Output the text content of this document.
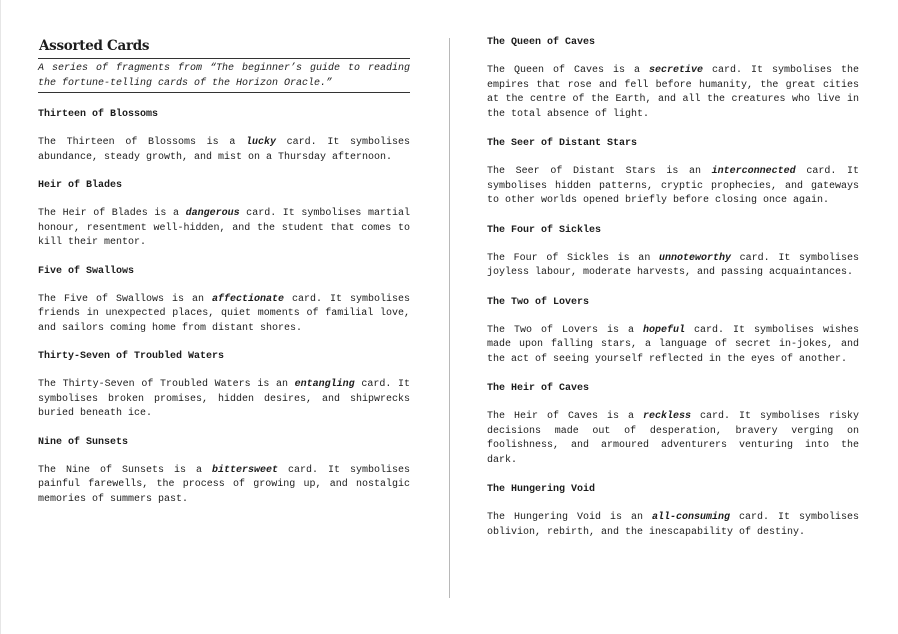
Assorted Cards

A series of fragments from “The beginner’s guide to reading the fortune-telling cards of the Horizon Oracle.”

Thirteen of Blossoms

The Thirteen of Blossoms is a lucky card. It symbolises abundance, steady growth, and mist on a Thursday afternoon.

Heir of Blades

The Heir of Blades is a dangerous card. It symbolises martial honour, resentment well-hidden, and the student that comes to kill their mentor.

Five of Swallows

The Five of Swallows is an affectionate card. It symbolises friends in unexpected places, quiet moments of familial love, and sailors coming home from distant shores.

Thirty-Seven of Troubled Waters

The Thirty-Seven of Troubled Waters is an entangling card. It symbolises broken promises, hidden desires, and shipwrecks buried beneath ice.

Nine of Sunsets

The Nine of Sunsets is a bittersweet card. It symbolises painful farewells, the process of growing up, and nostalgic memories of summers past.

The Queen of Caves

The Queen of Caves is a secretive card. It symbolises the empires that rose and fell before humanity, the great cities at the centre of the Earth, and all the creatures who live in the total absence of light.

The Seer of Distant Stars

The Seer of Distant Stars is an interconnected card. It symbolises hidden patterns, cryptic prophecies, and gateways to other worlds opened briefly before closing once again.

The Four of Sickles

The Four of Sickles is an unnoteworthy card. It symbolises joyless labour, moderate harvests, and passing acquaintances.

The Two of Lovers

The Two of Lovers is a hopeful card. It symbolises wishes made upon falling stars, a language of secret in-jokes, and the act of seeing yourself reflected in the eyes of another.

The Heir of Caves

The Heir of Caves is a reckless card. It symbolises risky decisions made out of desperation, bravery verging on foolishness, and armoured adventurers venturing into the dark.

The Hungering Void

The Hungering Void is an all-consuming card. It symbolises oblivion, rebirth, and the inescapability of destiny.
